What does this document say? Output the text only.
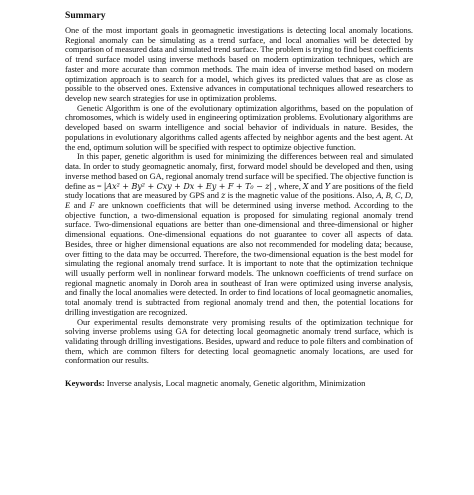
Summary

One of the most important goals in geomagnetic investigations is detecting local anomaly locations. Regional anomaly can be simulating as a trend surface, and local anomalies will be detected by comparison of measured data and simulated trend surface. The problem is trying to find best coefficients of trend surface model using inverse methods based on modern optimization techniques, which are faster and more accurate than common methods. The main idea of inverse method based on modern optimization approach is to search for a model, which gives its predicted values that are as close as possible to the observed ones. Extensive advances in computational techniques allowed researchers to develop new search strategies for use in optimization problems.

Genetic Algorithm is one of the evolutionary optimization algorithms, based on the population of chromosomes, which is widely used in engineering optimization problems. Evolutionary algorithms are developed based on swarm intelligence and social behavior of individuals in nature. Besides, the populations in evolutionary algorithms called agents affected by neighbor agents and the best agent. At the end, optimum solution will be specified with respect to optimize objective function.

In this paper, genetic algorithm is used for minimizing the differences between real and simulated data. In order to study geomagnetic anomaly, first, forward model should be developed and then, using inverse method based on GA, regional anomaly trend surface will be specified. The objective function is define as = |Ax² + By² + Cxy + Dx + Ey + F + T₀ − z| , where, X and Y are positions of the field study locations that are measured by GPS and z is the magnetic value of the positions. Also, A, B, C, D, E and F are unknown coefficients that will be determined using inverse method. According to the objective function, a two-dimensional equation is proposed for simulating regional anomaly trend surface. Two-dimensional equations are better than one-dimensional and three-dimensional or higher dimensional equations. One-dimensional equations do not guarantee to cover all aspects of data. Besides, three or higher dimensional equations are also not recommended for modeling data; because, over fitting to the data may be occurred. Therefore, the two-dimensional equation is the best model for simulating the regional anomaly trend surface. It is important to note that the optimization technique will usually perform well in nonlinear forward models. The unknown coefficients of trend surface on regional magnetic anomaly in Doroh area in southeast of Iran were optimized using inverse analysis, and finally the local anomalies were detected. In order to find locations of local geomagnetic anomalies, total anomaly trend is subtracted from regional anomaly trend and then, the potential locations for drilling investigation are recognized.

Our experimental results demonstrate very promising results of the optimization technique for solving inverse problems using GA for detecting local geomagnetic anomaly trend surface, which is validating through drilling investigations. Besides, upward and reduce to pole filters and combination of them, which are common filters for detecting local geomagnetic anomaly locations, are used for conformation our results.

Keywords: Inverse analysis, Local magnetic anomaly, Genetic algorithm, Minimization
